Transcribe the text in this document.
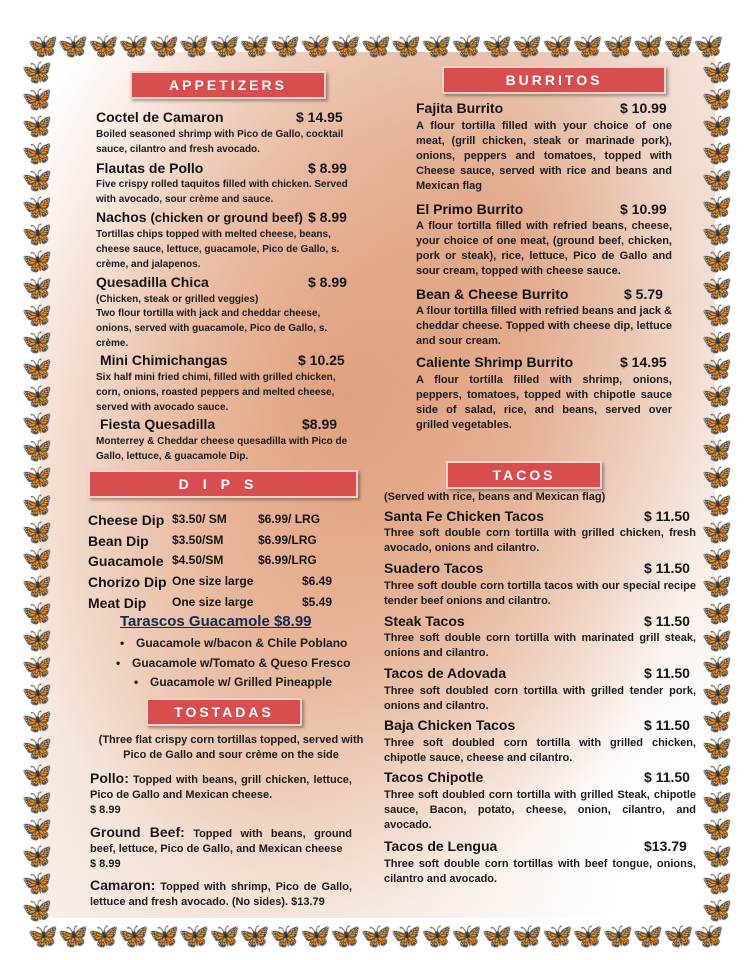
🦋 🦋 🦋 🦋 🦋 🦋 🦋 🦋 🦋 🦋 🦋 🦋 🦋 🦋 🦋 🦋 🦋 🦋 🦋 🦋 🦋 🦋 🦋
🦋 🦋 🦋 🦋 🦋 🦋 🦋 🦋 🦋 🦋 🦋 🦋 🦋 🦋 🦋 🦋 🦋 🦋 🦋 🦋 🦋 🦋 🦋
🦋
🦋
🦋
🦋
🦋
🦋
🦋
🦋
🦋
🦋
🦋
🦋
🦋
🦋
🦋
🦋
🦋
🦋
🦋
🦋
🦋
🦋
🦋
🦋
🦋
🦋
🦋
🦋
🦋
🦋
🦋
🦋
🦋
🦋
🦋
🦋
🦋
🦋
🦋
🦋
🦋
🦋
🦋
🦋
🦋
🦋
🦋
🦋
🦋
🦋
🦋
🦋
🦋
🦋
🦋
🦋
🦋
🦋
🦋
🦋
🦋
🦋
🦋
🦋
APPETIZERS
Coctel de Camaron	$ 14.95
Boiled seasoned shrimp with Pico de Gallo, cocktail sauce, cilantro and fresh avocado.
Flautas de Pollo	$ 8.99
Five crispy rolled taquitos filled with chicken. Served with avocado, sour crème and sauce.
Nachos (chicken or ground beef) $ 8.99
Tortillas chips topped with melted cheese, beans, cheese sauce, lettuce, guacamole, Pico de Gallo, s. crème, and jalapenos.
Quesadilla Chica	$ 8.99
(Chicken, steak or grilled veggies)
Two flour tortilla with jack and cheddar cheese, onions, served with guacamole, Pico de Gallo, s. crème.
Mini Chimichangas	$ 10.25
Six half mini fried chimi, filled with grilled chicken, corn, onions, roasted peppers and melted cheese, served with avocado sauce.
Fiesta Quesadilla	$8.99
Monterrey & Cheddar cheese quesadilla with Pico de Gallo, lettuce, & guacamole Dip.
DIPS
Cheese Dip $3.50/ SM	$6.99/ LRG
Bean Dip $3.50/SM	$6.99/LRG
Guacamole $4.50/SM	$6.99/LRG
Chorizo Dip One size large	$6.49
Meat Dip One size large	$5.49
Tarascos Guacamole $8.99
• Guacamole w/bacon & Chile Poblano
• Guacamole w/Tomato & Queso Fresco
• Guacamole w/ Grilled Pineapple
TOSTADAS
(Three flat crispy corn tortillas topped, served with Pico de Gallo and sour crème on the side
Pollo: Topped with beans, grill chicken, lettuce, Pico de Gallo and Mexican cheese.
$ 8.99
Ground Beef: Topped with beans, ground beef, lettuce, Pico de Gallo, and Mexican cheese
$ 8.99
Camaron: Topped with shrimp, Pico de Gallo, lettuce and fresh avocado. (No sides). $13.79
BURRITOS
Fajita Burrito	$ 10.99
A flour tortilla filled with your choice of one meat, (grill chicken, steak or marinade pork), onions, peppers and tomatoes, topped with Cheese sauce, served with rice and beans and Mexican flag
El Primo Burrito	$ 10.99
A flour tortilla filled with refried beans, cheese, your choice of one meat, (ground beef, chicken, pork or steak), rice, lettuce, Pico de Gallo and sour cream, topped with cheese sauce.
Bean & Cheese Burrito	$ 5.79
A flour tortilla filled with refried beans and jack & cheddar cheese. Topped with cheese dip, lettuce and sour cream.
Caliente Shrimp Burrito	$ 14.95
A flour tortilla filled with shrimp, onions, peppers, tomatoes, topped with chipotle sauce side of salad, rice, and beans, served over grilled vegetables.
TACOS
(Served with rice, beans and Mexican flag)
Santa Fe Chicken Tacos	$ 11.50
Three soft double corn tortilla with grilled chicken, fresh avocado, onions and cilantro.
Suadero Tacos	$ 11.50
Three soft double corn tortilla tacos with our special recipe tender beef onions and cilantro.
Steak Tacos	$ 11.50
Three soft double corn tortilla with marinated grill steak, onions and cilantro.
Tacos de Adovada	$ 11.50
Three soft doubled corn tortilla with grilled tender pork, onions and cilantro.
Baja Chicken Tacos	$ 11.50
Three soft doubled corn tortilla with grilled chicken, chipotle sauce, cheese and cilantro.
Tacos Chipotle	$ 11.50
Three soft doubled corn tortilla with grilled Steak, chipotle sauce, Bacon, potato, cheese, onion, cilantro, and avocado.
Tacos de Lengua	$13.79
Three soft double corn tortillas with beef tongue, onions, cilantro and avocado.
